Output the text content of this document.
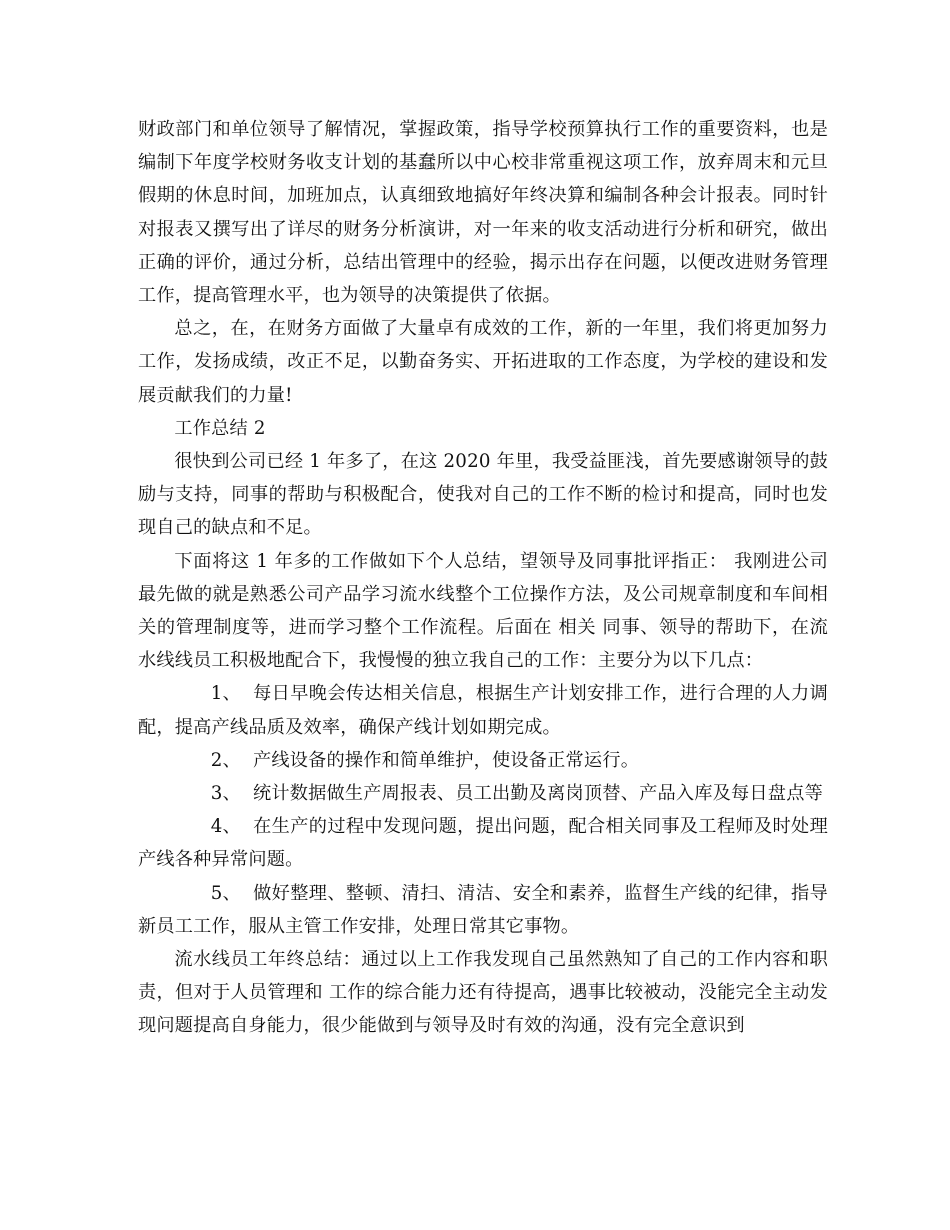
财政部门和单位领导了解情况，掌握政策，指导学校预算执行工作的重要资料，也是编制下年度学校财务收支计划的基蠢所以中心校非常重视这项工作，放弃周末和元旦假期的休息时间，加班加点，认真细致地搞好年终决算和编制各种会计报表。同时针对报表又撰写出了详尽的财务分析演讲，对一年来的收支活动进行分析和研究，做出正确的评价，通过分析，总结出管理中的经验，揭示出存在问题，以便改进财务管理工作，提高管理水平，也为领导的决策提供了依据。

总之，在，在财务方面做了大量卓有成效的工作，新的一年里，我们将更加努力工作，发扬成绩，改正不足，以勤奋务实、开拓进取的工作态度，为学校的建设和发展贡献我们的力量!

工作总结 2

很快到公司已经 1 年多了，在这 2020 年里，我受益匪浅，首先要感谢领导的鼓励与支持，同事的帮助与积极配合，使我对自己的工作不断的检讨和提高，同时也发现自己的缺点和不足。

下面将这 1 年多的工作做如下个人总结，望领导及同事批评指正： 我刚进公司最先做的就是熟悉公司产品学习流水线整个工位操作方法，及公司规章制度和车间相关的管理制度等，进而学习整个工作流程。后面在 相关 同事、领导的帮助下，在流水线线员工积极地配合下，我慢慢的独立我自己的工作：主要分为以下几点：

1、 每日早晚会传达相关信息，根据生产计划安排工作，进行合理的人力调配，提高产线品质及效率，确保产线计划如期完成。

2、 产线设备的操作和简单维护，使设备正常运行。

3、 统计数据做生产周报表、员工出勤及离岗顶替、产品入库及每日盘点等

4、 在生产的过程中发现问题，提出问题，配合相关同事及工程师及时处理产线各种异常问题。

5、 做好整理、整顿、清扫、清洁、安全和素养，监督生产线的纪律，指导新员工工作，服从主管工作安排，处理日常其它事物。

流水线员工年终总结：通过以上工作我发现自己虽然熟知了自己的工作内容和职责，但对于人员管理和 工作的综合能力还有待提高，遇事比较被动，没能完全主动发现问题提高自身能力，很少能做到与领导及时有效的沟通，没有完全意识到
